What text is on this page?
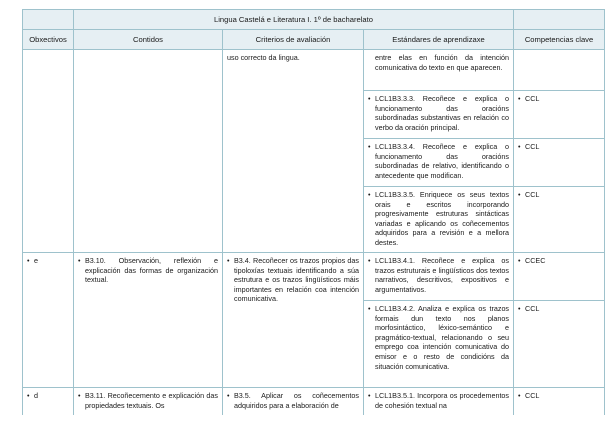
	Lingua Castelá e Literatura I. 1º de bacharelato			
Obxectivos	Contidos	Criterios de avaliación	Estándares de aprendizaxe	Competencias clave

		uso correcto da lingua.	entre elas en función da intención comunicativa do texto en que aparecen.	

			• LCL1B3.3.3. Recoñece e explica o funcionamento das oracións subordinadas substantivas en relación co verbo da oración principal.	• CCL

			• LCL1B3.3.4. Recoñece e explica o funcionamento das oracións subordinadas de relativo, identificando o antecedente que modifican.	• CCL

			• LCL1B3.3.5. Enriquece os seus textos orais e escritos incorporando progresivamente estruturas sintácticas variadas e aplicando os coñecementos adquiridos para a revisión e a mellora destes.	• CCL

• e	• B3.10. Observación, reflexión e explicación das formas de organización textual.	• B3.4. Recoñecer os trazos propios das tipoloxías textuais identificando a súa estrutura e os trazos lingüísticos máis importantes en relación coa intención comunicativa.	• LCL1B3.4.1. Recoñece e explica os trazos estruturais e lingüísticos dos textos narrativos, descritivos, expositivos e argumentativos.	• CCEC

			• LCL1B3.4.2. Analiza e explica os trazos formais dun texto nos planos morfosintáctico, léxico-semántico e pragmático-textual, relacionando o seu emprego coa intención comunicativa do emisor e o resto de condicións da situación comunicativa.	• CCL

• d	• B3.11. Recoñecemento e explicación das propiedades textuais. Os	• B3.5. Aplicar os coñecementos adquiridos para a elaboración de	• LCL1B3.5.1. Incorpora os procedementos de cohesión textual na	• CCL
